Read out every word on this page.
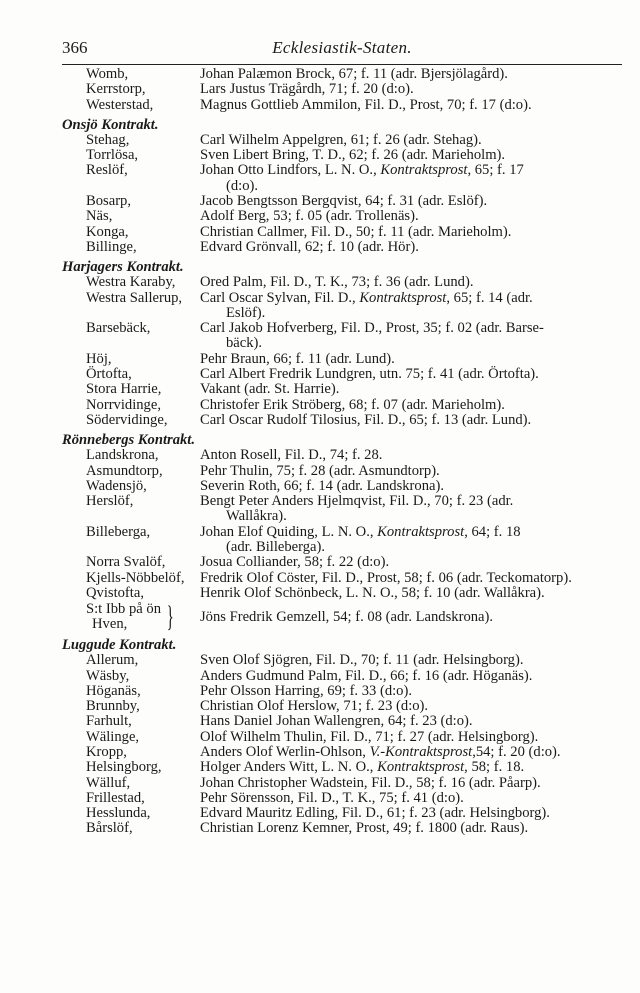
366	Ecklesiastik-Staten.
Womb,	Johan Palæmon Brock, 67; f. 11 (adr. Bjersjölagård).
Kerrstorp,	Lars Justus Trägårdh, 71; f. 20 (d:o).
Westerstad,	Magnus Gottlieb Ammilon, Fil. D., Prost, 70; f. 17 (d:o).
Onsjö Kontrakt.
Stehag,	Carl Wilhelm Appelgren, 61; f. 26 (adr. Stehag).
Torrlösa,	Sven Libert Bring, T. D., 62; f. 26 (adr. Marieholm).
Reslöf,	Johan Otto Lindfors, L. N. O., Kontraktsprost, 65; f. 17
(d:o).
Bosarp,	Jacob Bengtsson Bergqvist, 64; f. 31 (adr. Eslöf).
Näs,	Adolf Berg, 53; f. 05 (adr. Trollenäs).
Konga,	Christian Callmer, Fil. D., 50; f. 11 (adr. Marieholm).
Billinge,	Edvard Grönvall, 62; f. 10 (adr. Hör).
Harjagers Kontrakt.
Westra Karaby,	Ored Palm, Fil. D., T. K., 73; f. 36 (adr. Lund).
Westra Sallerup,	Carl Oscar Sylvan, Fil. D., Kontraktsprost, 65; f. 14 (adr.
Eslöf).
Barsebäck,	Carl Jakob Hofverberg, Fil. D., Prost, 35; f. 02 (adr. Barse-
bäck).
Höj,	Pehr Braun, 66; f. 11 (adr. Lund).
Örtofta,	Carl Albert Fredrik Lundgren, utn. 75; f. 41 (adr. Örtofta).
Stora Harrie,	Vakant (adr. St. Harrie).
Norrvidinge,	Christofer Erik Ströberg, 68; f. 07 (adr. Marieholm).
Södervidinge,	Carl Oscar Rudolf Tilosius, Fil. D., 65; f. 13 (adr. Lund).
Rönnebergs Kontrakt.
Landskrona,	Anton Rosell, Fil. D., 74; f. 28.
Asmundtorp,	Pehr Thulin, 75; f. 28 (adr. Asmundtorp).
Wadensjö,	Severin Roth, 66; f. 14 (adr. Landskrona).
Herslöf,	Bengt Peter Anders Hjelmqvist, Fil. D., 70; f. 23 (adr.
Wallåkra).
Billeberga,	Johan Elof Quiding, L. N. O., Kontraktsprost, 64; f. 18
(adr. Billeberga).
Norra Svalöf,	Josua Colliander, 58; f. 22 (d:o).
Kjells-Nöbbelöf,	Fredrik Olof Cöster, Fil. D., Prost, 58; f. 06 (adr. Teckomatorp).
Qvistofta,	Henrik Olof Schönbeck, L. N. O., 58; f. 10 (adr. Wallåkra).
S:t Ibb på ön
Hven,	} Jöns Fredrik Gemzell, 54; f. 08 (adr. Landskrona).
Luggude Kontrakt.
Allerum,	Sven Olof Sjögren, Fil. D., 70; f. 11 (adr. Helsingborg).
Wäsby,	Anders Gudmund Palm, Fil. D., 66; f. 16 (adr. Höganäs).
Höganäs,	Pehr Olsson Harring, 69; f. 33 (d:o).
Brunnby,	Christian Olof Herslow, 71; f. 23 (d:o).
Farhult,	Hans Daniel Johan Wallengren, 64; f. 23 (d:o).
Wälinge,	Olof Wilhelm Thulin, Fil. D., 71; f. 27 (adr. Helsingborg).
Kropp,	Anders Olof Werlin-Ohlson, V.-Kontraktsprost,54; f. 20 (d:o).
Helsingborg,	Holger Anders Witt, L. N. O., Kontraktsprost, 58; f. 18.
Wälluf,	Johan Christopher Wadstein, Fil. D., 58; f. 16 (adr. Påarp).
Frillestad,	Pehr Sörensson, Fil. D., T. K., 75; f. 41 (d:o).
Hesslunda,	Edvard Mauritz Edling, Fil. D., 61; f. 23 (adr. Helsingborg).
Bårslöf,	Christian Lorenz Kemner, Prost, 49; f. 1800 (adr. Raus).
